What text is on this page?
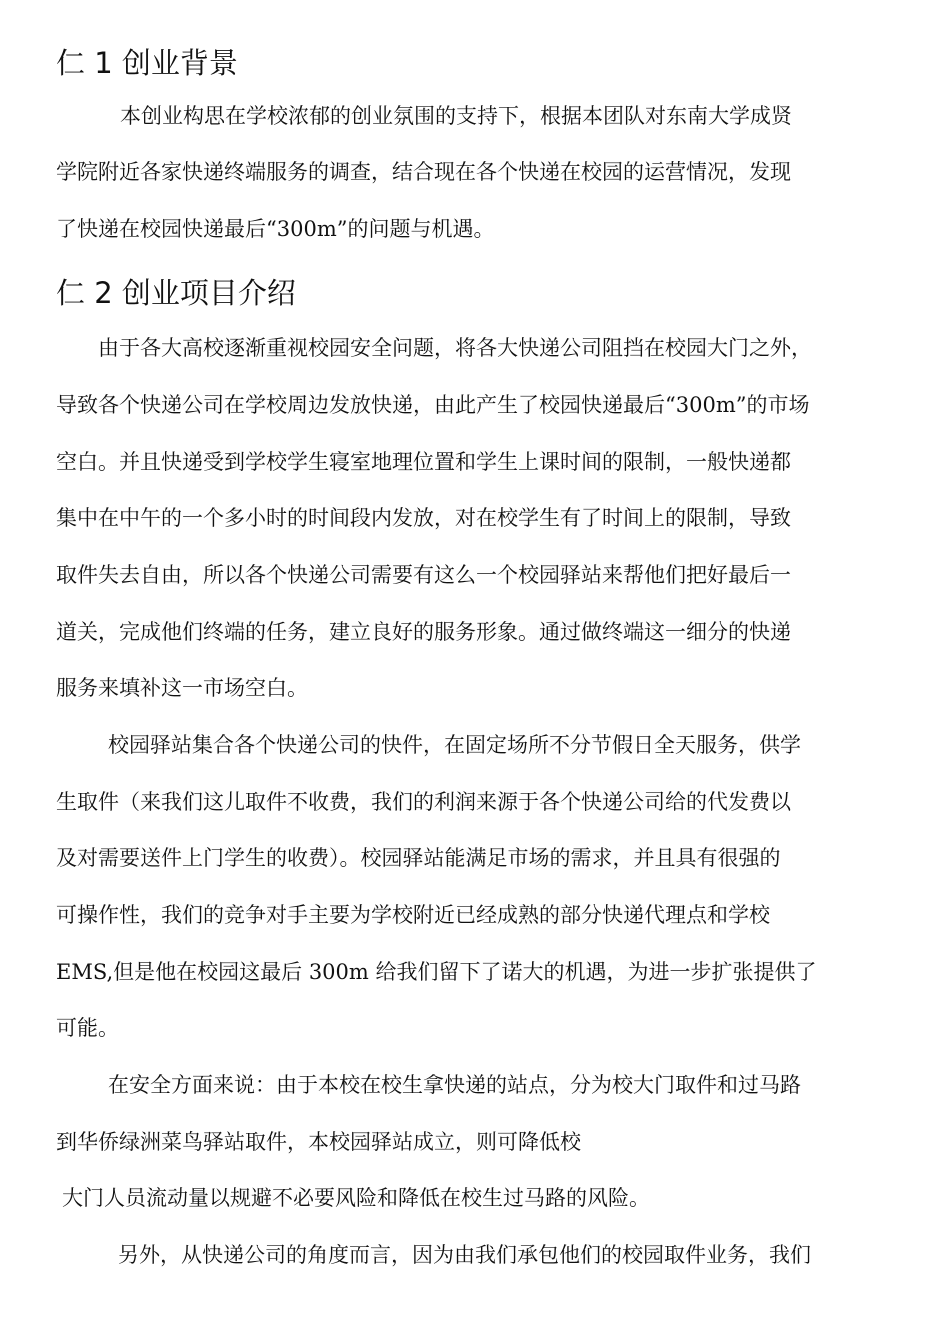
仁 1 创业背景
本创业构思在学校浓郁的创业氛围的支持下，根据本团队对东南大学成贤
学院附近各家快递终端服务的调查，结合现在各个快递在校园的运营情况，发现
了快递在校园快递最后“300m”的问题与机遇。
仁 2 创业项目介绍
由于各大高校逐渐重视校园安全问题，将各大快递公司阻挡在校园大门之外，
导致各个快递公司在学校周边发放快递，由此产生了校园快递最后“300m”的市场
空白。并且快递受到学校学生寝室地理位置和学生上课时间的限制，一般快递都
集中在中午的一个多小时的时间段内发放，对在校学生有了时间上的限制，导致
取件失去自由，所以各个快递公司需要有这么一个校园驿站来帮他们把好最后一
道关，完成他们终端的任务，建立良好的服务形象。通过做终端这一细分的快递
服务来填补这一市场空白。
校园驿站集合各个快递公司的快件，在固定场所不分节假日全天服务，供学
生取件（来我们这儿取件不收费，我们的利润来源于各个快递公司给的代发费以
及对需要送件上门学生的收费）。校园驿站能满足市场的需求，并且具有很强的
可操作性，我们的竞争对手主要为学校附近已经成熟的部分快递代理点和学校
EMS,但是他在校园这最后 300m 给我们留下了诺大的机遇，为进一步扩张提供了
可能。
在安全方面来说：由于本校在校生拿快递的站点，分为校大门取件和过马路
到华侨绿洲菜鸟驿站取件，本校园驿站成立，则可降低校
大门人员流动量以规避不必要风险和降低在校生过马路的风险。
另外，从快递公司的角度而言，因为由我们承包他们的校园取件业务，我们
